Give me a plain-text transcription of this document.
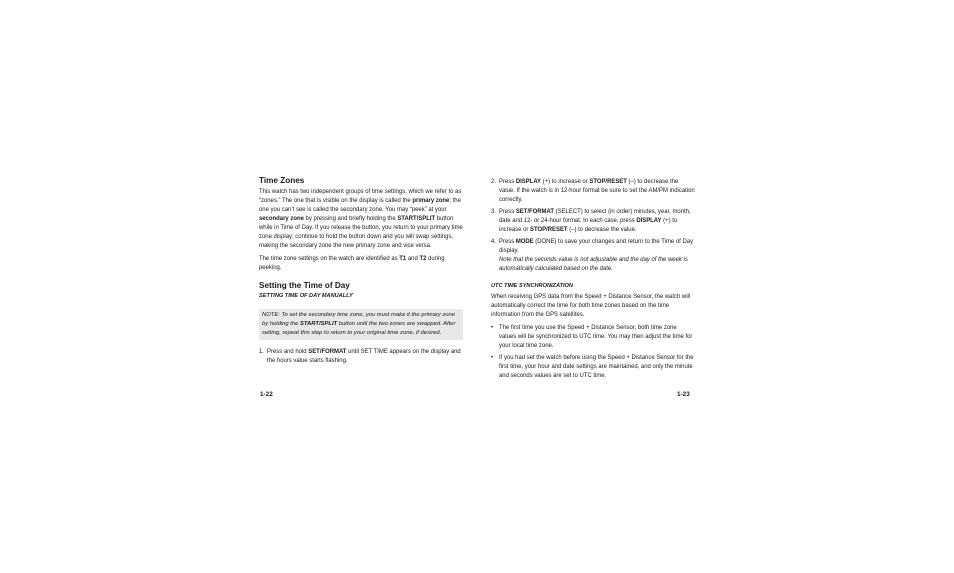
Time Zones

This watch has two independent groups of time settings, which we refer to as “zones.” The one that is visible on the display is called the primary zone; the one you can’t see is called the secondary zone. You may “peek” at your secondary zone by pressing and briefly holding the START/SPLIT button while in Time of Day. If you release the button, you return to your primary time zone display; continue to hold the button down and you will swap settings, making the secondary zone the new primary zone and vice versa.

The time zone settings on the watch are identified as T1 and T2 during peeking.

Setting the Time of Day

SETTING TIME OF DAY MANUALLY

NOTE: To set the secondary time zone, you must make it the primary zone by holding the START/SPLIT button until the two zones are swapped. After setting, repeat this step to return to your original time zone, if desired.
1. Press and hold SET/FORMAT until SET TIME appears on the display and the hours value starts flashing.
1-22
2. Press DISPLAY (+) to increase or STOP/RESET (–) to decrease the value. If the watch is in 12-hour format be sure to set the AM/PM indication correctly.
3. Press SET/FORMAT (SELECT) to select (in order) minutes, year, month, date and 12- or 24-hour format. In each case, press DISPLAY (+) to increase or STOP/RESET (–) to decrease the value.
4. Press MODE (DONE) to save your changes and return to the Time of Day display.
Note that the seconds value is not adjustable and the day of the week is automatically calculated based on the date.

UTC TIME SYNCHRONIZATION

When receiving GPS data from the Speed + Distance Sensor, the watch will automatically correct the time for both time zones based on the time information from the GPS satellites.

• The first time you use the Speed + Distance Sensor, both time zone values will be synchronized to UTC time. You may then adjust the time for your local time zone.
• If you had set the watch before using the Speed + Distance Sensor for the first time, your hour and date settings are maintained, and only the minute and seconds values are set to UTC time.
1-23
